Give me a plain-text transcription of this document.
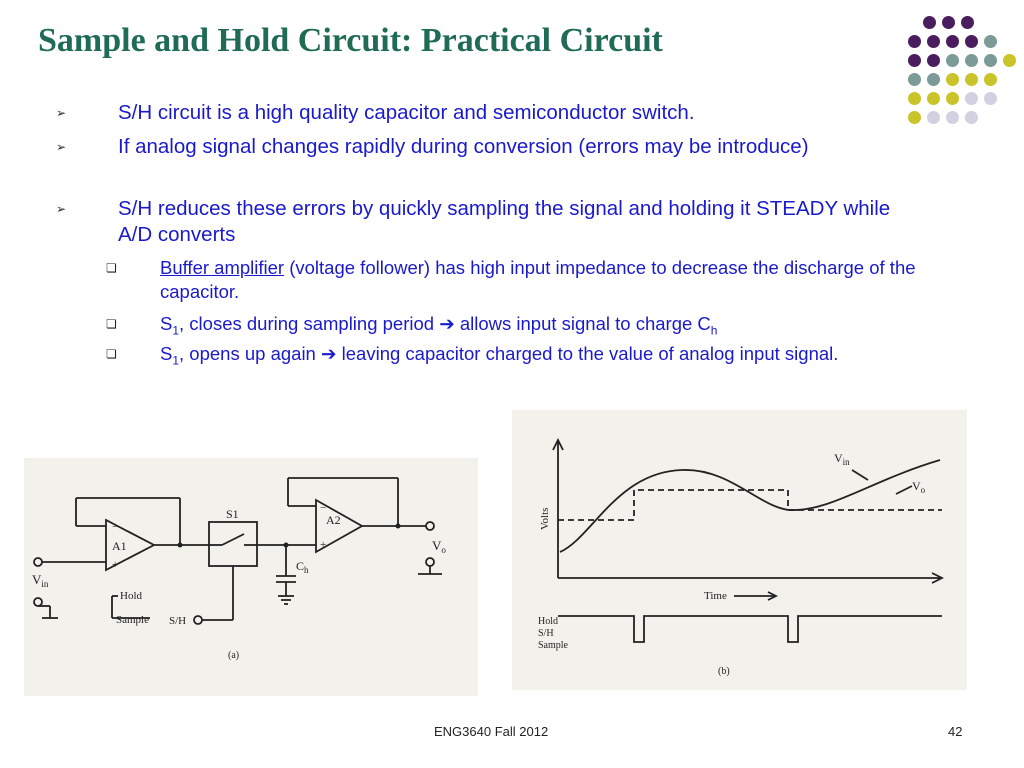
Sample and Hold Circuit: Practical Circuit
➢	S/H circuit is a high quality capacitor and semiconductor switch.
➢	If analog signal changes rapidly during conversion (errors may be introduce)
➢	S/H reduces these errors by quickly sampling the signal and holding it STEADY while A/D converts
❏ Buffer amplifier (voltage follower) has high input impedance to decrease the discharge of the capacitor.
❏ $S_1$, closes during sampling period ➔ allows input signal to charge $C_h$
❏ $S_1$, opens up again ➔ leaving capacitor charged to the value of analog input signal.
A1
−
+
S1	A2
−
+
$V_{in}$
$V_o$
$C_h$
Hold
Sample S/H
(a)
Volts
Time
$V_{in}$
$V_o$
Hold
S/H
Sample
(b)
ENG3640 Fall 2012	42
